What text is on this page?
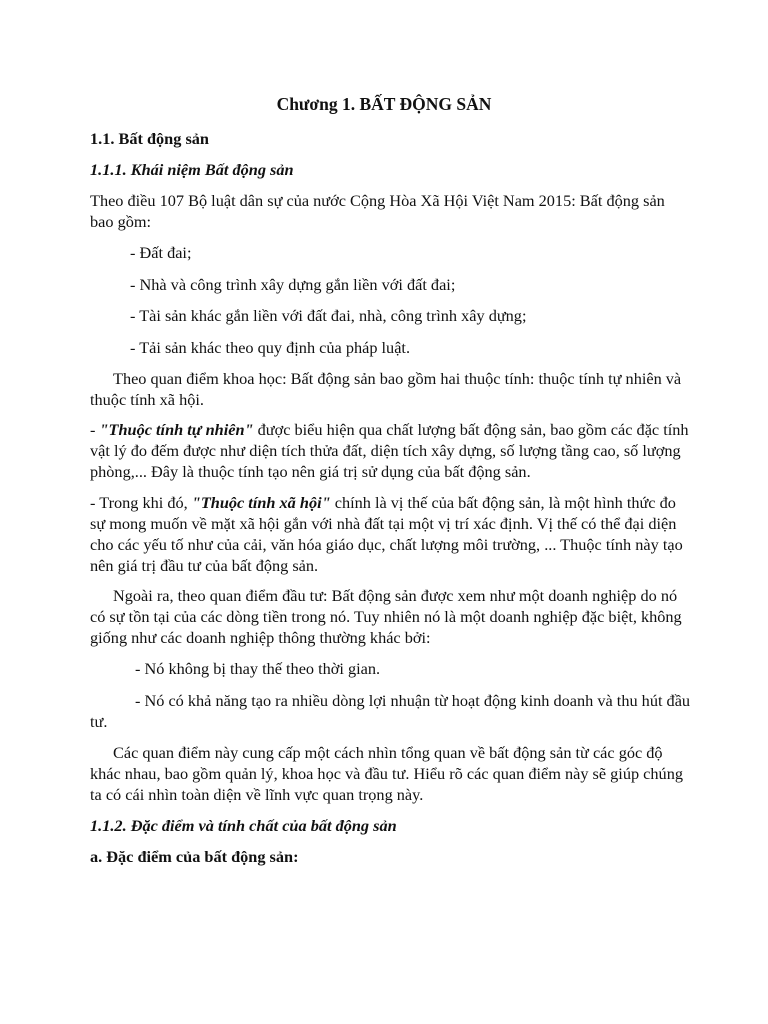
Chương 1. BẤT ĐỘNG SẢN

1.1. Bất động sản

1.1.1. Khái niệm Bất động sản

Theo điều 107 Bộ luật dân sự của nước Cộng Hòa Xã Hội Việt Nam 2015: Bất động sản bao gồm:

- Đất đai;

- Nhà và công trình xây dựng gắn liền với đất đai;

- Tài sản khác gắn liền với đất đai, nhà, công trình xây dựng;

- Tải sản khác theo quy định của pháp luật.

Theo quan điểm khoa học: Bất động sản bao gồm hai thuộc tính: thuộc tính tự nhiên và thuộc tính xã hội.

- "Thuộc tính tự nhiên" được biểu hiện qua chất lượng bất động sản, bao gồm các đặc tính vật lý đo đếm được như diện tích thửa đất, diện tích xây dựng, số lượng tầng cao, số lượng phòng,... Đây là thuộc tính tạo nên giá trị sử dụng của bất động sản.

- Trong khi đó, "Thuộc tính xã hội" chính là vị thế của bất động sản, là một hình thức đo sự mong muốn về mặt xã hội gắn với nhà đất tại một vị trí xác định. Vị thế có thể đại diện cho các yếu tố như của cải, văn hóa giáo dục, chất lượng môi trường, ... Thuộc tính này tạo nên giá trị đầu tư của bất động sản.

Ngoài ra, theo quan điểm đầu tư: Bất động sản được xem như một doanh nghiệp do nó có sự tồn tại của các dòng tiền trong nó. Tuy nhiên nó là một doanh nghiệp đặc biệt, không giống như các doanh nghiệp thông thường khác bởi:

- Nó không bị thay thế theo thời gian.

- Nó có khả năng tạo ra nhiều dòng lợi nhuận từ hoạt động kinh doanh và thu hút đầu tư.

Các quan điểm này cung cấp một cách nhìn tổng quan về bất động sản từ các góc độ khác nhau, bao gồm quản lý, khoa học và đầu tư. Hiểu rõ các quan điểm này sẽ giúp chúng ta có cái nhìn toàn diện về lĩnh vực quan trọng này.

1.1.2. Đặc điểm và tính chất của bất động sản

a. Đặc điểm của bất động sản:
